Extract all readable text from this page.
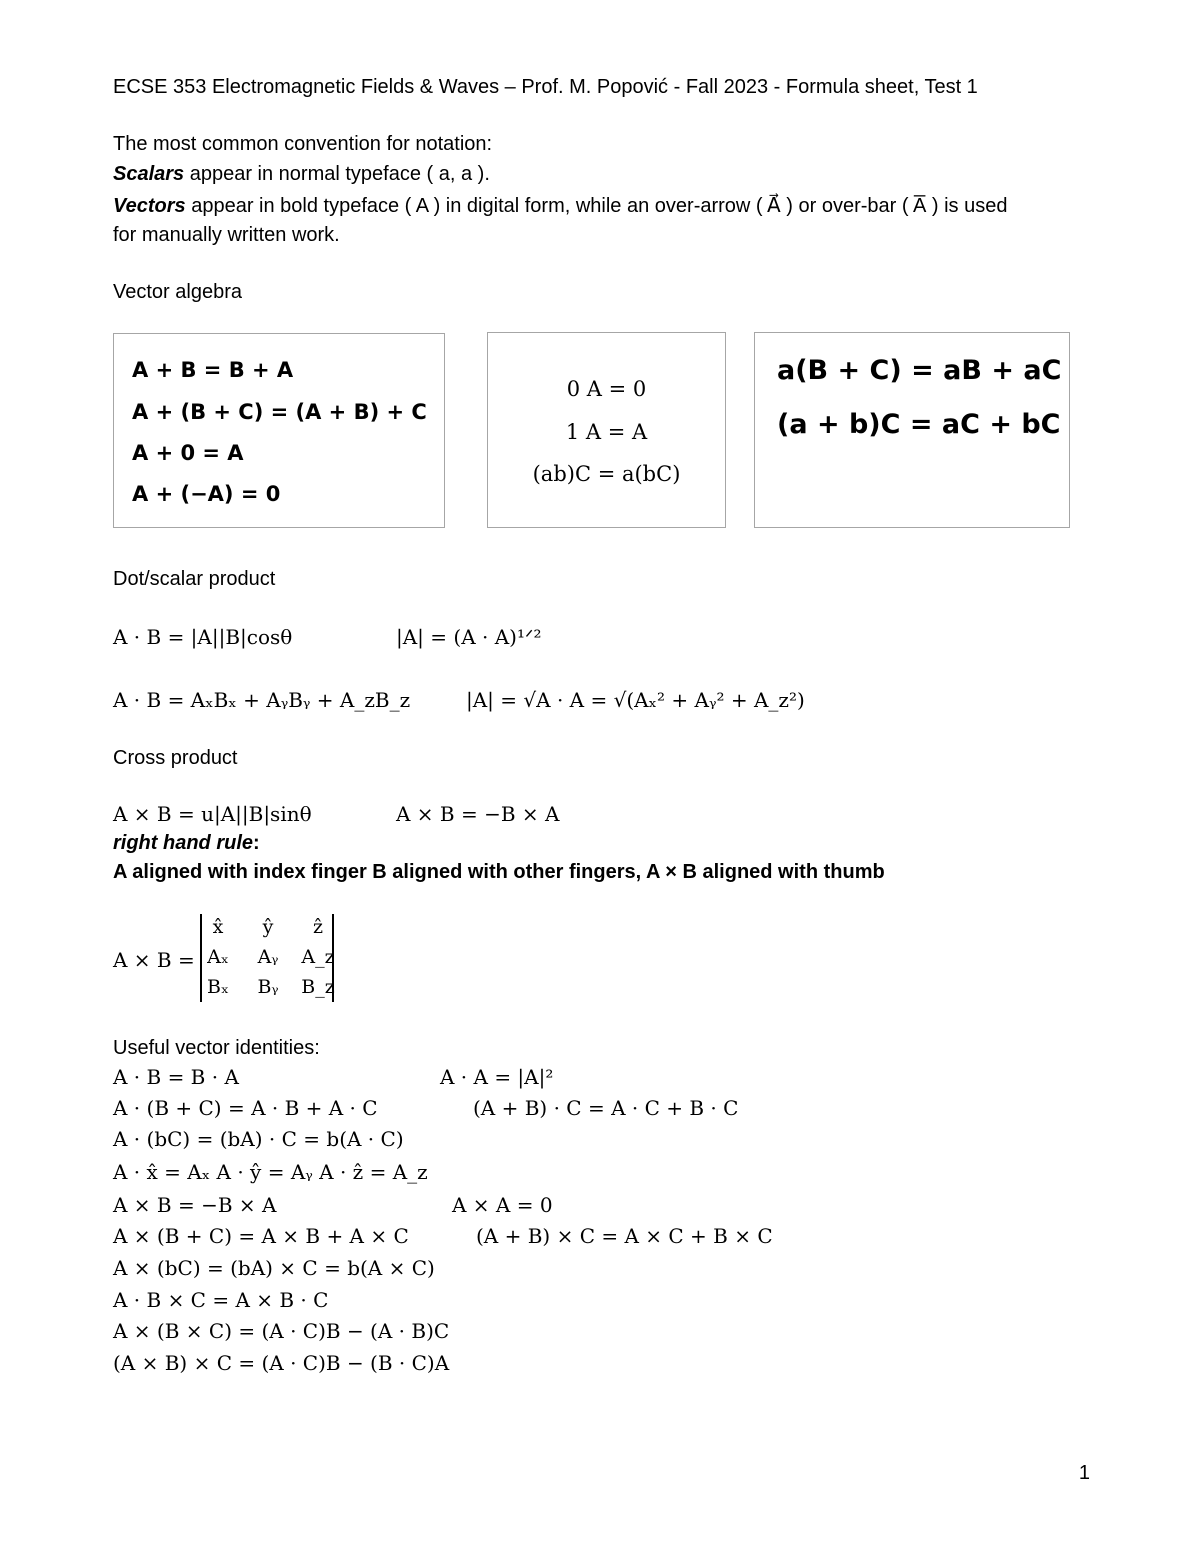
ECSE 353 Electromagnetic Fields & Waves – Prof. M. Popović - Fall 2023 - Formula sheet, Test 1
The most common convention for notation:
Scalars appear in normal typeface ( a, a ).
Vectors appear in bold typeface ( A ) in digital form, while an over-arrow ( A⃗ ) or over-bar ( A̅ ) is used
for manually written work.
Vector algebra
A + B = B + A
A + (B + C) = (A + B) + C
A + 0 = A
A + (−A) = 0
0 A = 0
1 A = A
(ab)C = a(bC)
a(B + C) = aB + aC
(a + b)C = aC + bC
Dot/scalar product
A · B = |A||B|cosθ	|A| = (A · A)¹ᐟ²
A · B = AₓBₓ + AᵧBᵧ + A_zB_z	|A| = √A · A = √(Aₓ² + Aᵧ² + A_z²)
Cross product
A × B = u|A||B|sinθ	A × B = −B × A
right hand rule:
A aligned with index finger B aligned with other fingers, A × B aligned with thumb
A × B =
x̂	ŷ	ẑ
Aₓ	Aᵧ	A_z
Bₓ	Bᵧ	B_z
Useful vector identities:
A · B = B · A	A · A = |A|²
A · (B + C) = A · B + A · C	(A + B) · C = A · C + B · C
A · (bC) = (bA) · C = b(A · C)
A · x̂ = Aₓ A · ŷ = Aᵧ A · ẑ = A_z
A × B = −B × A	A × A = 0
A × (B + C) = A × B + A × C	(A + B) × C = A × C + B × C
A × (bC) = (bA) × C = b(A × C)
A · B × C = A × B · C
A × (B × C) = (A · C)B − (A · B)C
(A × B) × C = (A · C)B − (B · C)A
1
